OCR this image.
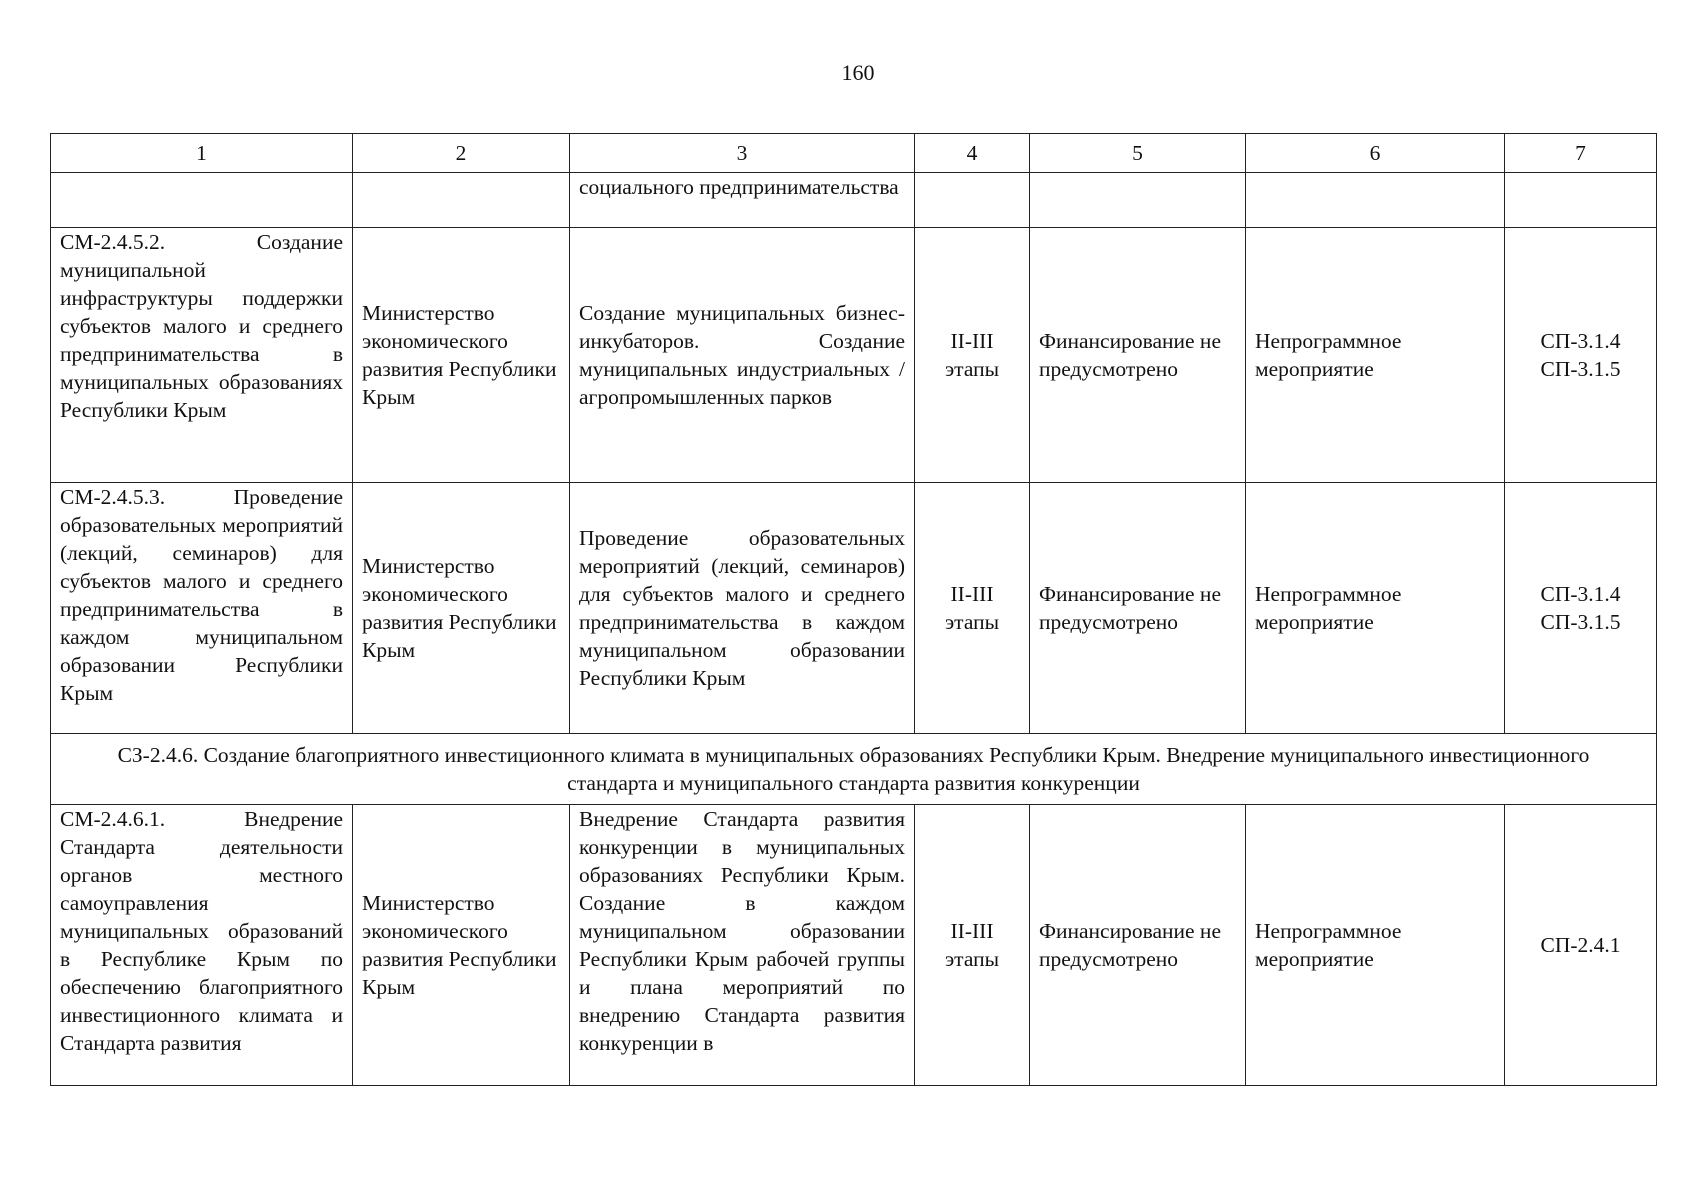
160
1	2	3	4	5	6	7
		социального предпринимательства				
СМ-2.4.5.2. Создание муниципальной инфраструктуры поддержки субъектов малого и среднего предпринимательства в муниципальных образованиях Республики Крым	Министерство экономического развития Республики Крым	Создание муниципальных бизнес-инкубаторов. Создание муниципальных индустриальных / агропромышленных парков	II-III этапы	Финансирование не предусмотрено	Непрограммное мероприятие	СП-3.1.4 СП-3.1.5
СМ-2.4.5.3. Проведение образовательных мероприятий (лекций, семинаров) для субъектов малого и среднего предпринимательства в каждом муниципальном образовании Республики Крым	Министерство экономического развития Республики Крым	Проведение образовательных мероприятий (лекций, семинаров) для субъектов малого и среднего предпринимательства в каждом муниципальном образовании Республики Крым	II-III этапы	Финансирование не предусмотрено	Непрограммное мероприятие	СП-3.1.4 СП-3.1.5
СЗ-2.4.6. Создание благоприятного инвестиционного климата в муниципальных образованиях Республики Крым. Внедрение муниципального инвестиционного стандарта и муниципального стандарта развития конкуренции						

СМ-2.4.6.1. Внедрение Стандарта деятельности органов местного самоуправления муниципальных образований в Республике Крым по обеспечению благоприятного инвестиционного климата и Стандарта развития	Министерство экономического развития Республики Крым	Внедрение Стандарта развития конкуренции в муниципальных образованиях Республики Крым. Создание в каждом муниципальном образовании Республики Крым рабочей группы и плана мероприятий по внедрению Стандарта развития конкуренции в	II-III этапы	Финансирование не предусмотрено	Непрограммное мероприятие	СП-2.4.1
